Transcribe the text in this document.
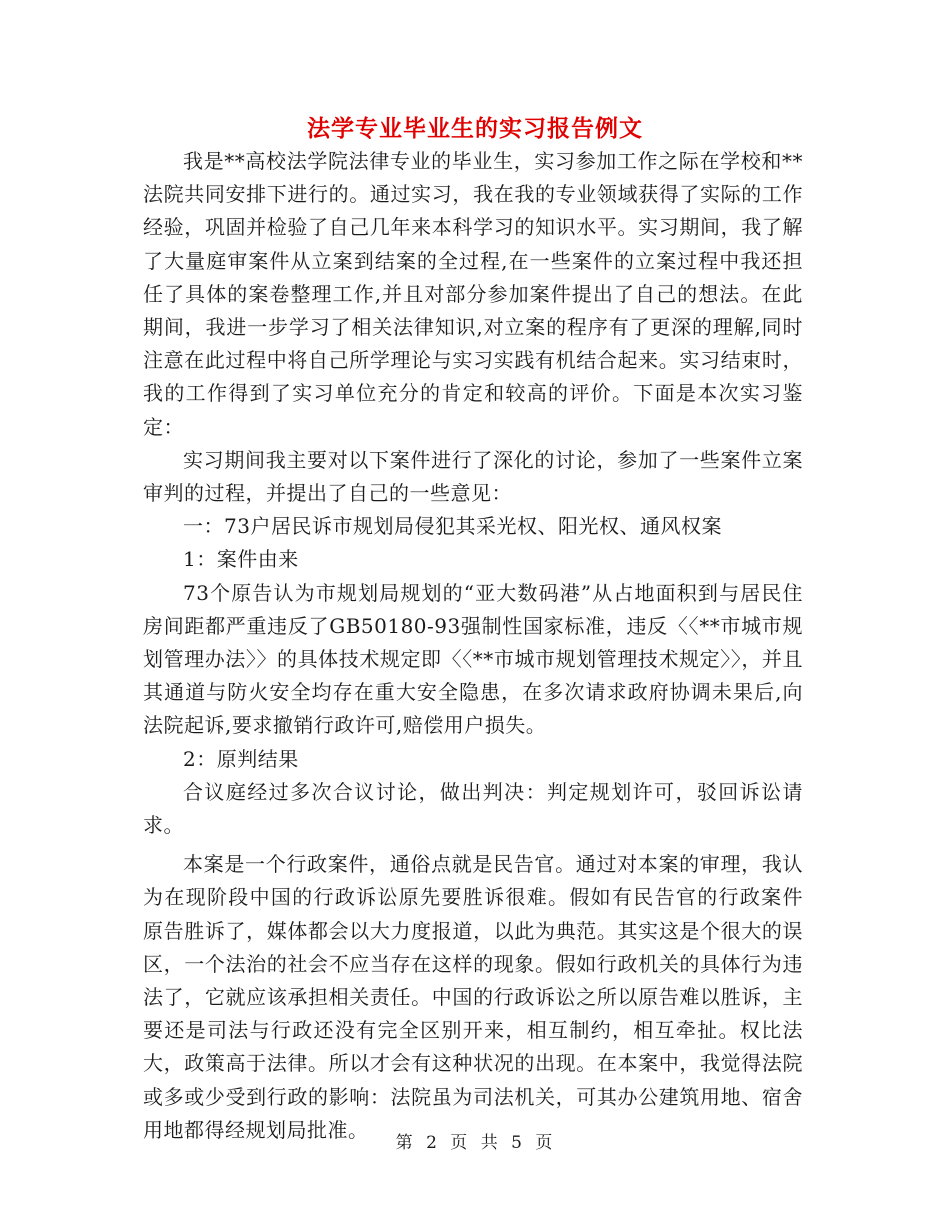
法学专业毕业生的实习报告例文

我是**高校法学院法律专业的毕业生，实习参加工作之际在学校和**法院共同安排下进行的。通过实习，我在我的专业领域获得了实际的工作经验，巩固并检验了自己几年来本科学习的知识水平。实习期间，我了解了大量庭审案件从立案到结案的全过程,在一些案件的立案过程中我还担任了具体的案卷整理工作,并且对部分参加案件提出了自己的想法。在此期间，我进一步学习了相关法律知识,对立案的程序有了更深的理解,同时注意在此过程中将自己所学理论与实习实践有机结合起来。实习结束时，我的工作得到了实习单位充分的肯定和较高的评价。下面是本次实习鉴定：

实习期间我主要对以下案件进行了深化的讨论，参加了一些案件立案审判的过程，并提出了自己的一些意见：

一：73户居民诉市规划局侵犯其采光权、阳光权、通风权案

1：案件由来

73个原告认为市规划局规划的“亚大数码港”从占地面积到与居民住房间距都严重违反了GB50180-93强制性国家标准，违反〈〈**市城市规划管理办法〉〉的具体技术规定即〈〈**市城市规划管理技术规定〉〉，并且其通道与防火安全均存在重大安全隐患，在多次请求政府协调未果后,向法院起诉,要求撤销行政许可,赔偿用户损失。

2：原判结果

合议庭经过多次合议讨论，做出判决：判定规划许可，驳回诉讼请求。

本案是一个行政案件，通俗点就是民告官。通过对本案的审理，我认为在现阶段中国的行政诉讼原先要胜诉很难。假如有民告官的行政案件 原告胜诉了，媒体都会以大力度报道，以此为典范。其实这是个很大的误区，一个法治的社会不应当存在这样的现象。假如行政机关的具体行为违法了，它就应该承担相关责任。中国的行政诉讼之所以原告难以胜诉，主要还是司法与行政还没有完全区别开来，相互制约，相互牵扯。权比法大，政策高于法律。所以才会有这种状况的出现。在本案中，我觉得法院或多或少受到行政的影响：法院虽为司法机关，可其办公建筑用地、宿舍用地都得经规划局批准。

第 2 页 共 5 页
